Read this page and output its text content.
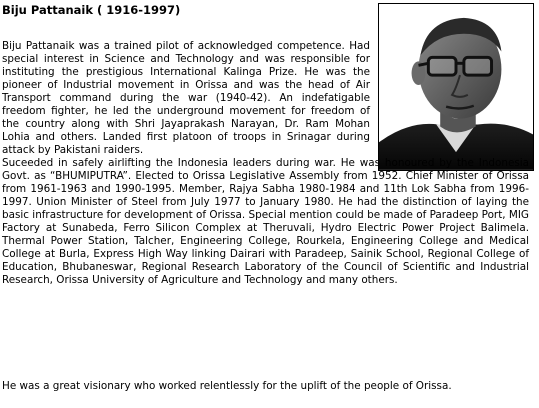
Biju Pattanaik ( 1916-1997)

Biju Pattanaik was a trained pilot of acknowledged competence. Had special interest in Science and Technology and was responsible for instituting the prestigious International Kalinga Prize. He was the pioneer of Industrial movement in Orissa and was the head of Air Transport command during the war (1940-42). An indefatigable freedom fighter, he led the underground movement for freedom of the country along with Shri Jayaprakash Narayan, Dr. Ram Mohan Lohia and others. Landed first platoon of troops in Srinagar during attack by Pakistani raiders.

Suceeded in safely airlifting the Indonesia leaders during war. He was honoured by the Indonesia Govt. as “BHUMIPUTRA”. Elected to Orissa Legislative Assembly from 1952. Chief Minister of Orissa from 1961-1963 and 1990-1995. Member, Rajya Sabha 1980-1984 and 11th Lok Sabha from 1996-1997. Union Minister of Steel from July 1977 to January 1980. He had the distinction of laying the basic infrastructure for development of Orissa. Special mention could be made of Paradeep Port, MIG Factory at Sunabeda, Ferro Silicon Complex at Theruvali, Hydro Electric Power Project Balimela. Thermal Power Station, Talcher, Engineering College, Rourkela, Engineering College and Medical College at Burla, Express High Way linking Dairari with Paradeep, Sainik School, Regional College of Education, Bhubaneswar, Regional Research Laboratory of the Council of Scientific and Industrial Research, Orissa University of Agriculture and Technology and many others.

He was a great visionary who worked relentlessly for the uplift of the people of Orissa.
